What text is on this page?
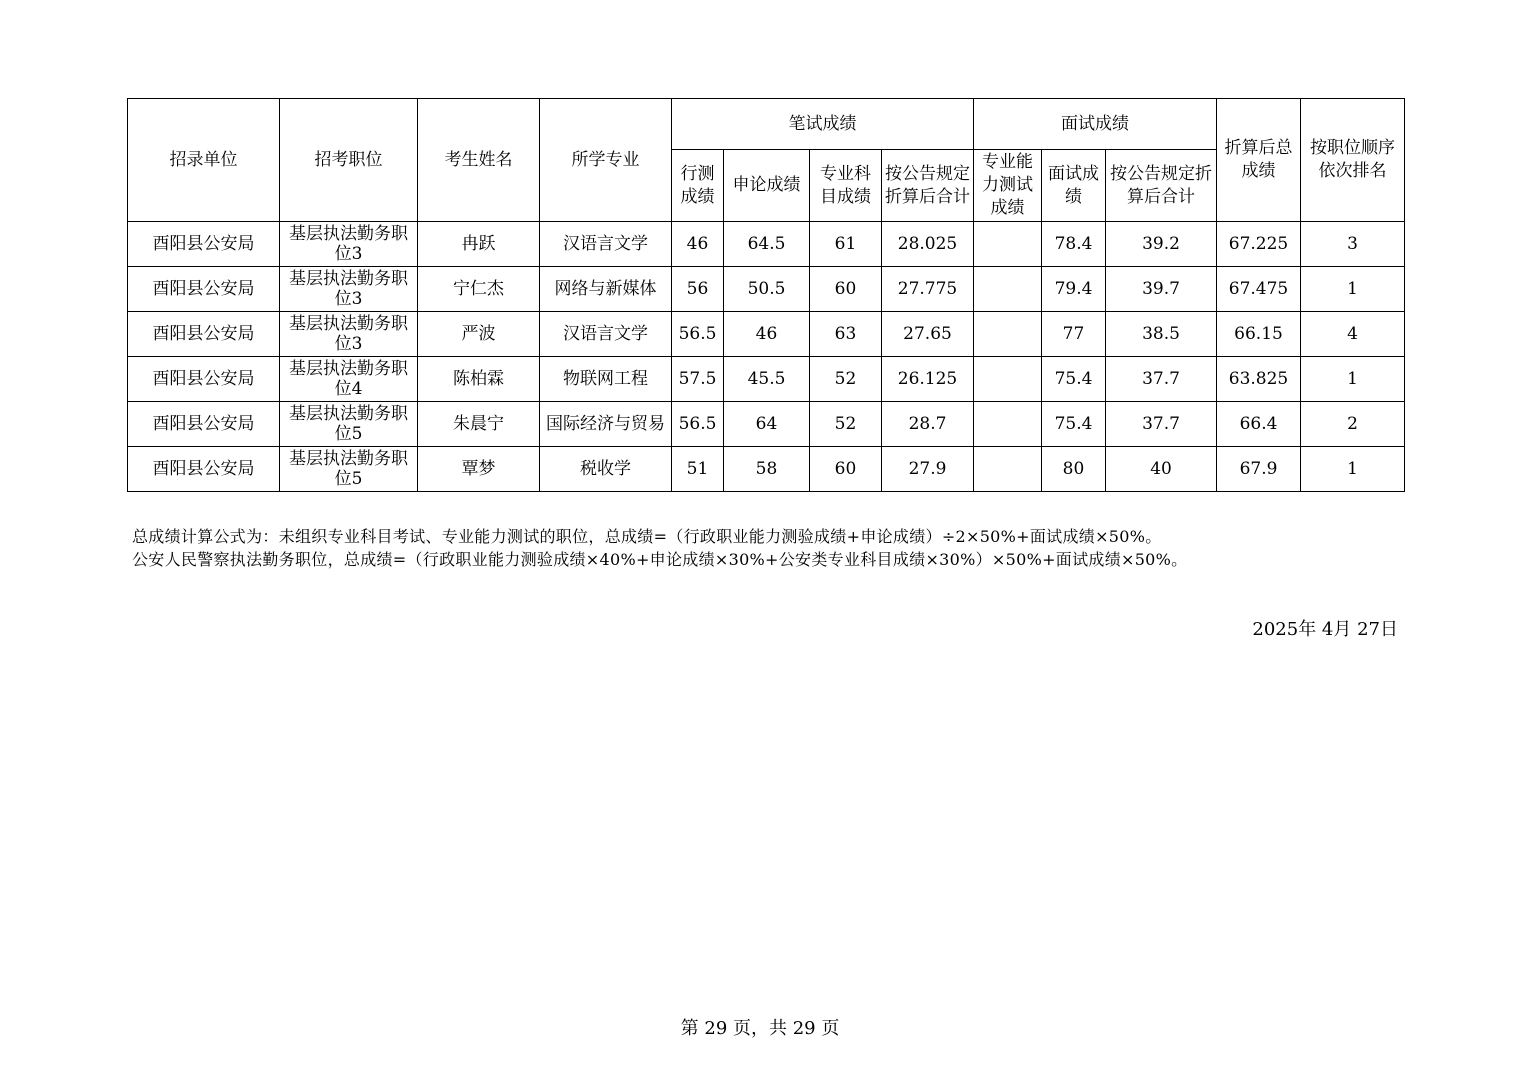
招录单位	招考职位	考生姓名	所学专业	笔试成绩				面试成绩			折算后总成绩	按职位顺序依次排名

				行测成绩	申论成绩	专业科目成绩	按公告规定折算后合计	专业能力测试成绩	面试成绩	按公告规定折算后合计		

酉阳县公安局	基层执法勤务职位3	冉跃	汉语言文学	46	64.5	61	28.025		78.4	39.2	67.225	3
酉阳县公安局	基层执法勤务职位3	宁仁杰	网络与新媒体	56	50.5	60	27.775		79.4	39.7	67.475	1
酉阳县公安局	基层执法勤务职位3	严波	汉语言文学	56.5	46	63	27.65		77	38.5	66.15	4
酉阳县公安局	基层执法勤务职位4	陈柏霖	物联网工程	57.5	45.5	52	26.125		75.4	37.7	63.825	1
酉阳县公安局	基层执法勤务职位5	朱晨宁	国际经济与贸易	56.5	64	52	28.7		75.4	37.7	66.4	2
酉阳县公安局	基层执法勤务职位5	覃梦	税收学	51	58	60	27.9		80	40	67.9	1
总成绩计算公式为：未组织专业科目考试、专业能力测试的职位，总成绩=（行政职业能力测验成绩+申论成绩）÷2×50%+面试成绩×50%。
公安人民警察执法勤务职位，总成绩=（行政职业能力测验成绩×40%+申论成绩×30%+公安类专业科目成绩×30%）×50%+面试成绩×50%。
2025年 4月 27日
第 29 页，共 29 页
